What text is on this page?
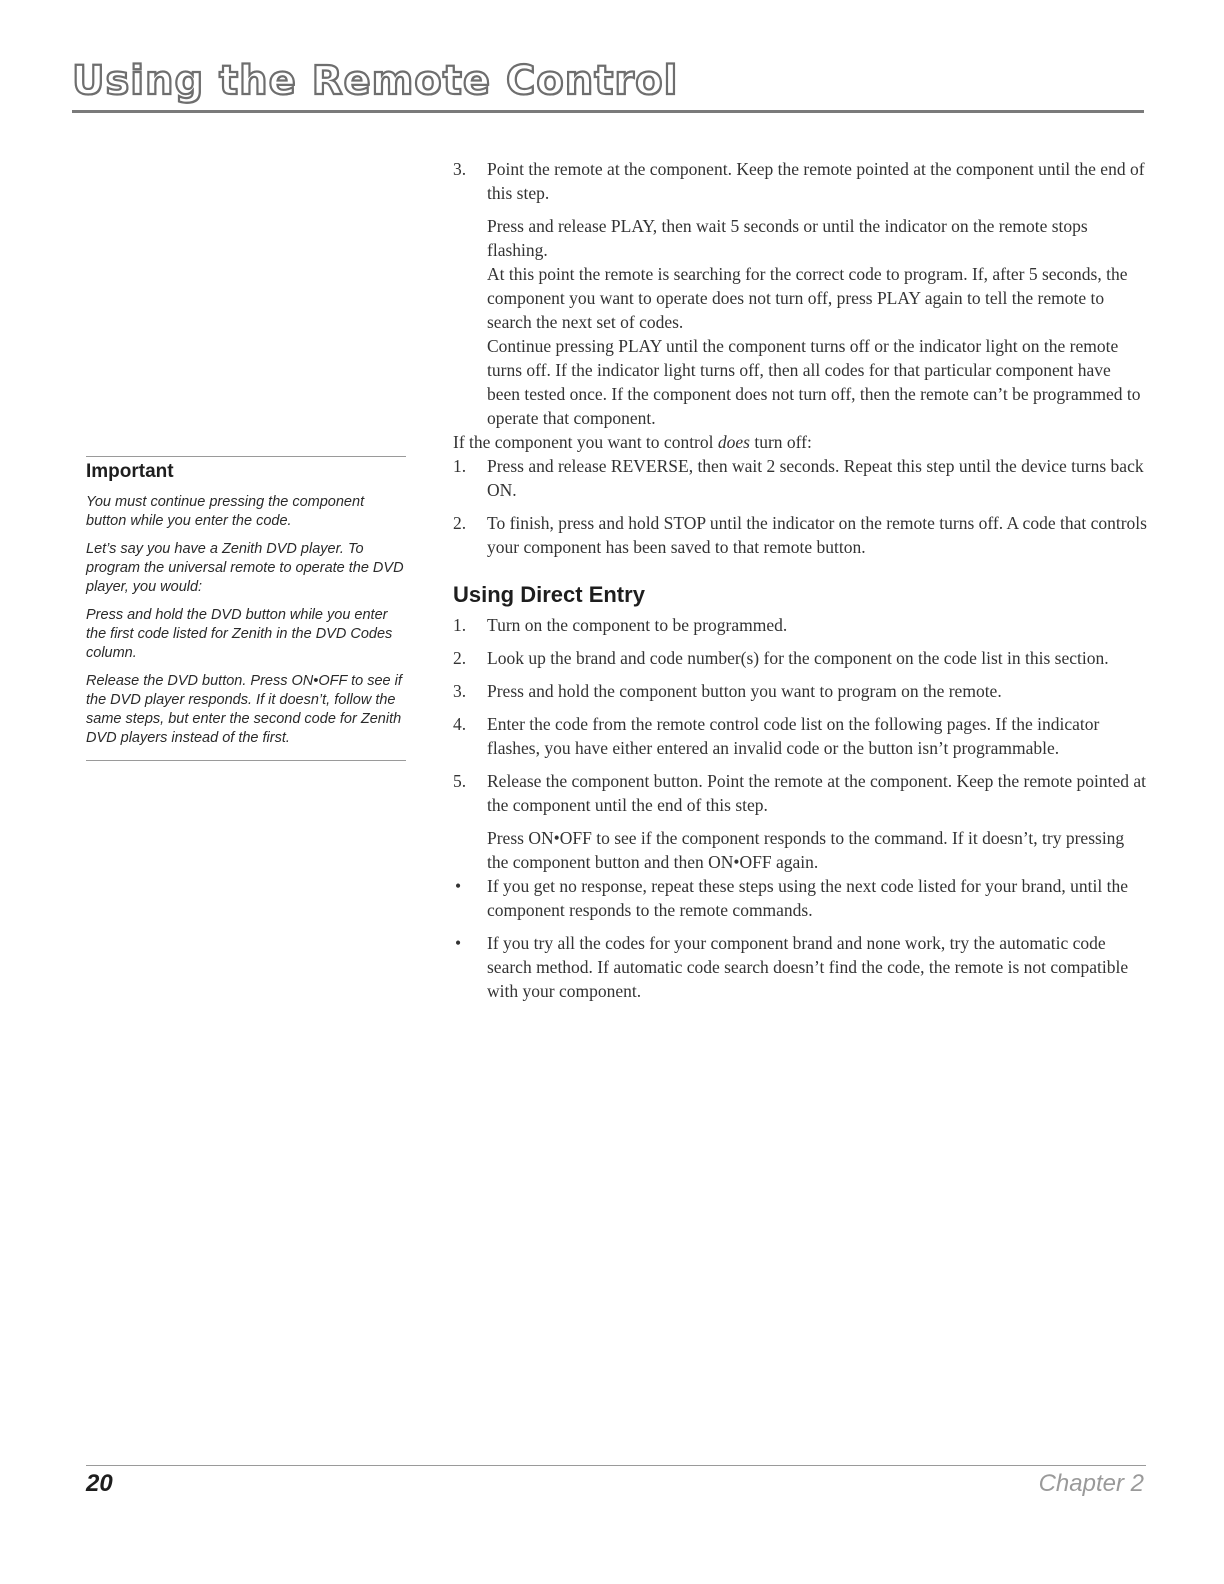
Using the Remote Control
Important

You must continue pressing the component button while you enter the code.

Let’s say you have a Zenith DVD player. To program the universal remote to operate the DVD player, you would:

Press and hold the DVD button while you enter the first code listed for Zenith in the DVD Codes column.

Release the DVD button. Press ON•OFF to see if the DVD player responds. If it doesn’t, follow the same steps, but enter the second code for Zenith DVD players instead of the first.

3. Point the remote at the component. Keep the remote pointed at the component until the end of this step.

Press and release PLAY, then wait 5 seconds or until the indicator on the remote stops flashing.

At this point the remote is searching for the correct code to program. If, after 5 seconds, the component you want to operate does not turn off, press PLAY again to tell the remote to search the next set of codes.

Continue pressing PLAY until the component turns off or the indicator light on the remote turns off. If the indicator light turns off, then all codes for that particular component have been tested once. If the component does not turn off, then the remote can’t be programmed to operate that component.

If the component you want to control does turn off:

1. Press and release REVERSE, then wait 2 seconds. Repeat this step until the device turns back ON.

2. To finish, press and hold STOP until the indicator on the remote turns off. A code that controls your component has been saved to that remote button.

Using Direct Entry
1. Turn on the component to be programmed.

2. Look up the brand and code number(s) for the component on the code list in this section.

3. Press and hold the component button you want to program on the remote.

4. Enter the code from the remote control code list on the following pages. If the indicator flashes, you have either entered an invalid code or the button isn’t programmable.

5. Release the component button. Point the remote at the component. Keep the remote pointed at the component until the end of this step.

Press ON•OFF to see if the component responds to the command. If it doesn’t, try pressing the component button and then ON•OFF again.

• If you get no response, repeat these steps using the next code listed for your brand, until the component responds to the remote commands.

• If you try all the codes for your component brand and none work, try the automatic code search method. If automatic code search doesn’t find the code, the remote is not compatible with your component.

20	Chapter 2
